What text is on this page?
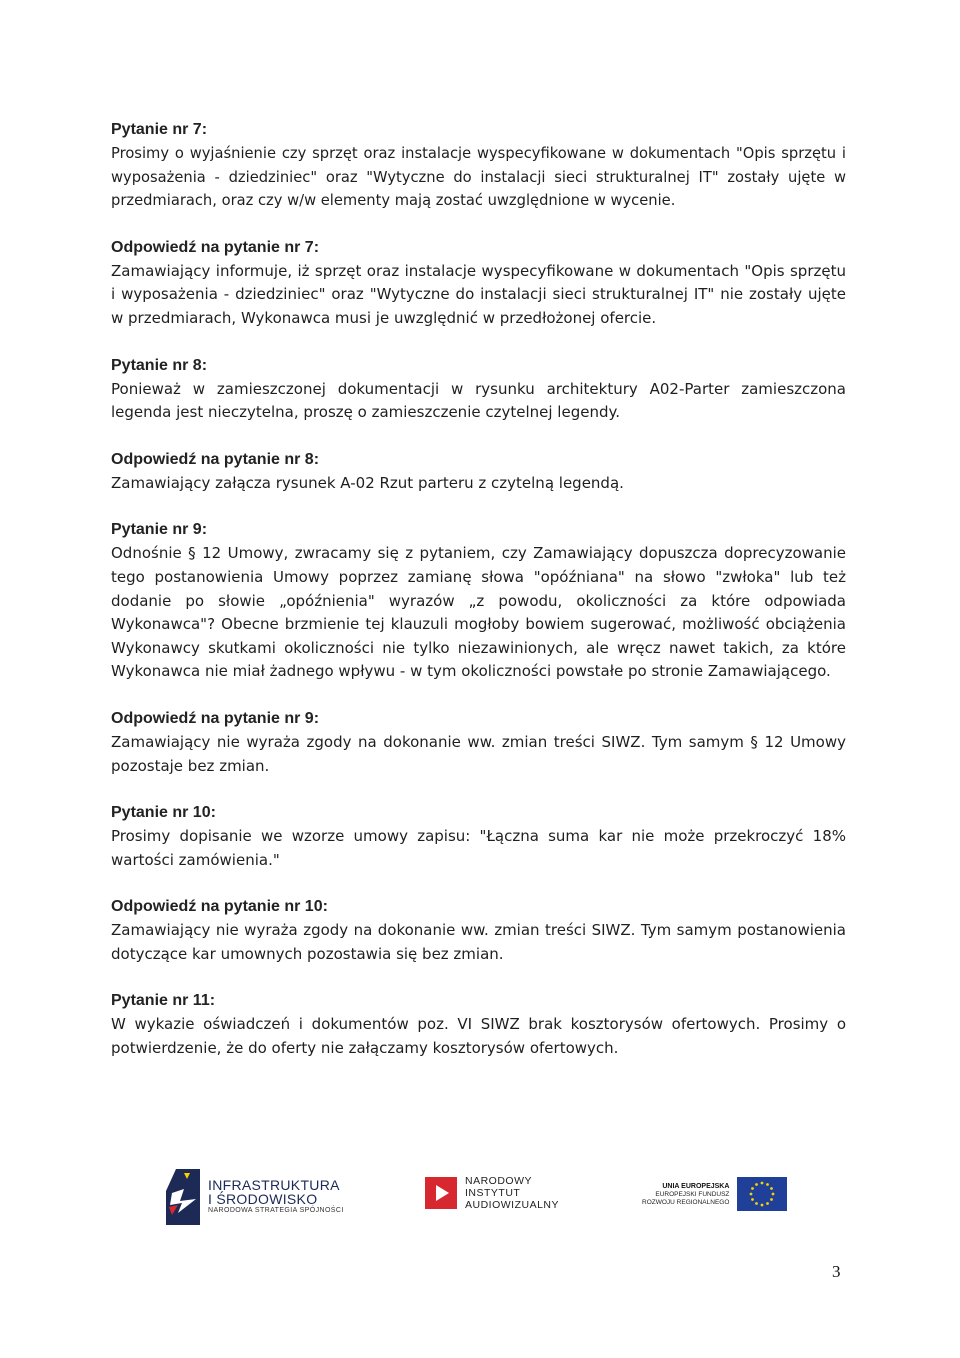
Pytanie nr 7:
Prosimy o wyjaśnienie czy sprzęt oraz instalacje wyspecyfikowane w dokumentach "Opis sprzętu i wyposażenia - dziedziniec" oraz "Wytyczne do instalacji sieci strukturalnej IT" zostały ujęte w przedmiarach, oraz czy w/w elementy mają zostać uwzględnione w wycenie.
Odpowiedź na pytanie nr 7:
Zamawiający informuje, iż sprzęt oraz instalacje wyspecyfikowane w dokumentach "Opis sprzętu i wyposażenia - dziedziniec" oraz "Wytyczne do instalacji sieci strukturalnej IT" nie zostały ujęte w przedmiarach, Wykonawca musi je uwzględnić w przedłożonej ofercie.
Pytanie nr 8:
Ponieważ w zamieszczonej dokumentacji w rysunku architektury A02-Parter zamieszczona legenda jest nieczytelna, proszę o zamieszczenie czytelnej legendy.
Odpowiedź na pytanie nr 8:
Zamawiający załącza rysunek A-02 Rzut parteru z czytelną legendą.
Pytanie nr 9:
Odnośnie § 12 Umowy, zwracamy się z pytaniem, czy Zamawiający dopuszcza doprecyzowanie tego postanowienia Umowy poprzez zamianę słowa "opóźniana" na słowo "zwłoka" lub też dodanie po słowie „opóźnienia" wyrazów „z powodu, okoliczności za które odpowiada Wykonawca"? Obecne brzmienie tej klauzuli mogłoby bowiem sugerować, możliwość obciążenia Wykonawcy skutkami okoliczności nie tylko niezawinionych, ale wręcz nawet takich, za które Wykonawca nie miał żadnego wpływu - w tym okoliczności powstałe po stronie Zamawiającego.
Odpowiedź na pytanie nr 9:
Zamawiający nie wyraża zgody na dokonanie ww. zmian treści SIWZ. Tym samym § 12 Umowy pozostaje bez zmian.
Pytanie nr 10:
Prosimy dopisanie we wzorze umowy zapisu: "Łączna suma kar nie może przekroczyć 18% wartości zamówienia."
Odpowiedź na pytanie nr 10:
Zamawiający nie wyraża zgody na dokonanie ww. zmian treści SIWZ. Tym samym postanowienia dotyczące kar umownych pozostawia się bez zmian.
Pytanie nr 11:
W wykazie oświadczeń i dokumentów poz. VI SIWZ brak kosztorysów ofertowych. Prosimy o potwierdzenie, że do oferty nie załączamy kosztorysów ofertowych.
INFRASTRUKTURA
I ŚRODOWISKO
NARODOWA STRATEGIA SPÓJNOŚCI
NARODOWY
INSTYTUT
AUDIOWIZUALNY
UNIA EUROPEJSKA
EUROPEJSKI FUNDUSZ
ROZWOJU REGIONALNEGO
3
